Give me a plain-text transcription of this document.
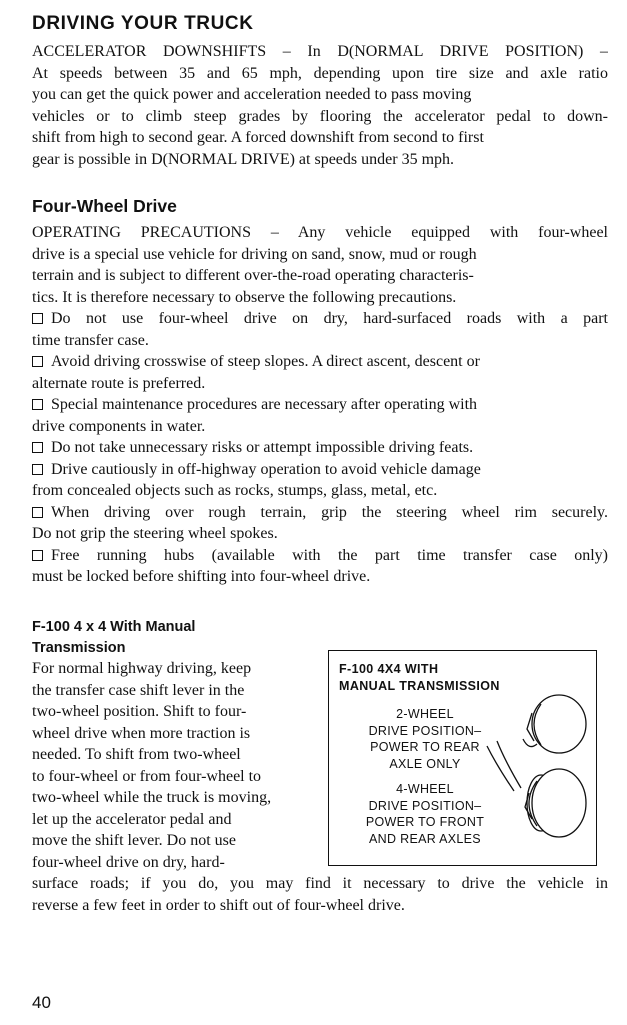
DRIVING YOUR TRUCK
ACCELERATOR DOWNSHIFTS – In D(NORMAL DRIVE POSITION) –
At speeds between 35 and 65 mph, depending upon tire size and axle ratio
you can get the quick power and acceleration needed to pass moving
vehicles or to climb steep grades by flooring the accelerator pedal to down-
shift from high to second gear. A forced downshift from second to first
gear is possible in D(NORMAL DRIVE) at speeds under 35 mph.
Four-Wheel Drive
OPERATING PRECAUTIONS – Any vehicle equipped with four-wheel
drive is a special use vehicle for driving on sand, snow, mud or rough
terrain and is subject to different over-the-road operating characteris-
tics. It is therefore necessary to observe the following precautions.
Do not use four-wheel drive on dry, hard-surfaced roads with a part
time transfer case.
Avoid driving crosswise of steep slopes. A direct ascent, descent or
alternate route is preferred.
Special maintenance procedures are necessary after operating with
drive components in water.
Do not take unnecessary risks or attempt impossible driving feats.
Drive cautiously in off-highway operation to avoid vehicle damage
from concealed objects such as rocks, stumps, glass, metal, etc.
When driving over rough terrain, grip the steering wheel rim securely.
Do not grip the steering wheel spokes.
Free running hubs (available with the part time transfer case only)
must be locked before shifting into four-wheel drive.
F-100 4 x 4 With Manual
Transmission
For normal highway driving, keep
the transfer case shift lever in the
two-wheel position. Shift to four-
wheel drive when more traction is
needed. To shift from two-wheel
to four-wheel or from four-wheel to
two-wheel while the truck is moving,
let up the accelerator pedal and
move the shift lever. Do not use
four-wheel drive on dry, hard-
surface roads; if you do, you may find it necessary to drive the vehicle in
reverse a few feet in order to shift out of four-wheel drive.
F-100 4X4 WITH
MANUAL TRANSMISSION
2-WHEEL
DRIVE POSITION–
POWER TO REAR
AXLE ONLY
4-WHEEL
DRIVE POSITION–
POWER TO FRONT
AND REAR AXLES
40
